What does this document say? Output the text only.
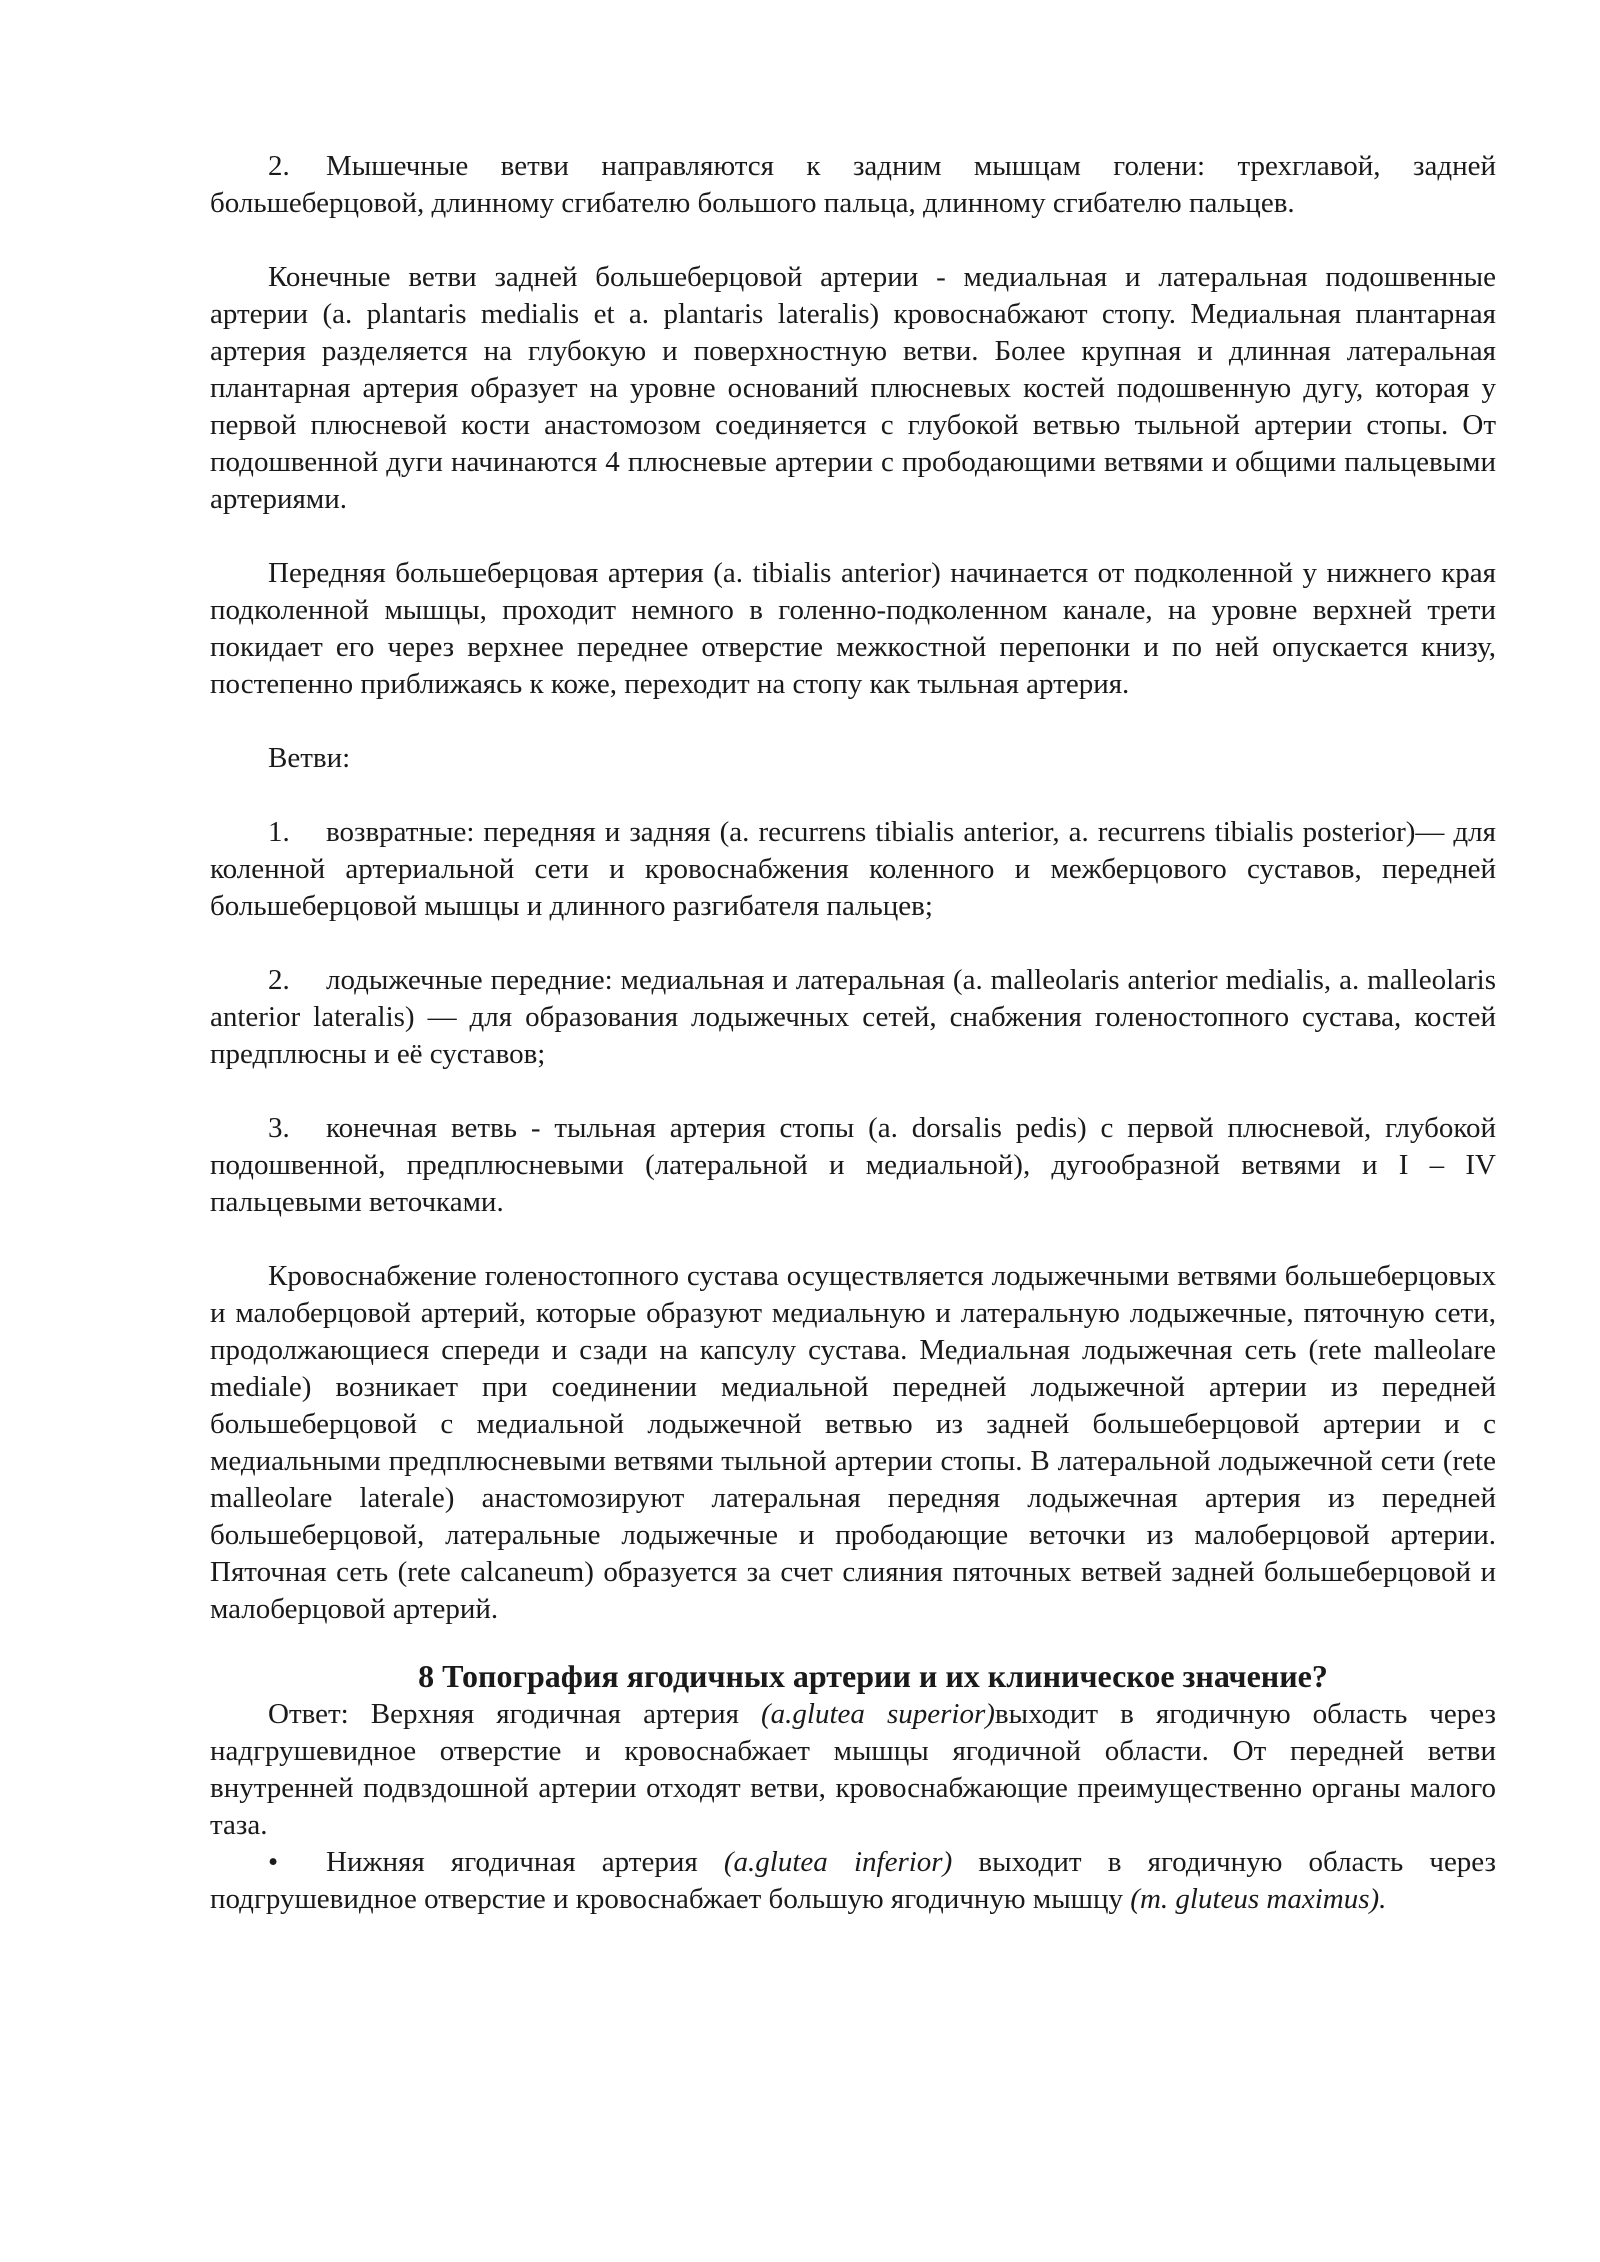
2. Мышечные ветви направляются к задним мышцам голени: трехглавой, задней большеберцовой, длинному сгибателю большого пальца, длинному сгибателю пальцев.

Конечные ветви задней большеберцовой артерии - медиальная и латеральная подошвенные артерии (a. plantaris medialis et a. plantaris lateralis) кровоснабжают стопу. Медиальная плантарная артерия разделяется на глубокую и поверхностную ветви. Более крупная и длинная латеральная плантарная артерия образует на уровне оснований плюсневых костей подошвенную дугу, которая у первой плюсневой кости анастомозом соединяется с глубокой ветвью тыльной артерии стопы. От подошвенной дуги начинаются 4 плюсневые артерии с прободающими ветвями и общими пальцевыми артериями.

Передняя большеберцовая артерия (a. tibialis anterior) начинается от подколенной у нижнего края подколенной мышцы, проходит немного в голенно-подколенном канале, на уровне верхней трети покидает его через верхнее переднее отверстие межкостной перепонки и по ней опускается книзу, постепенно приближаясь к коже, переходит на стопу как тыльная артерия.

Ветви:

1. возвратные: передняя и задняя (a. recurrens tibialis anterior, a. recurrens tibialis posterior)— для коленной артериальной сети и кровоснабжения коленного и межберцового суставов, передней большеберцовой мышцы и длинного разгибателя пальцев;

2. лодыжечные передние: медиальная и латеральная (a. malleolaris anterior medialis, a. malleolaris anterior lateralis) — для образования лодыжечных сетей, снабжения голеностопного сустава, костей предплюсны и её суставов;

3. конечная ветвь - тыльная артерия стопы (a. dorsalis pedis) с первой плюсневой, глубокой подошвенной, предплюсневыми (латеральной и медиальной), дугообразной ветвями и I – IV пальцевыми веточками.

Кровоснабжение голеностопного сустава осуществляется лодыжечными ветвями большеберцовых и малоберцовой артерий, которые образуют медиальную и латеральную лодыжечные, пяточную сети, продолжающиеся спереди и сзади на капсулу сустава. Медиальная лодыжечная сеть (rete malleolare mediale) возникает при соединении медиальной передней лодыжечной артерии из передней большеберцовой с медиальной лодыжечной ветвью из задней большеберцовой артерии и с медиальными предплюсневыми ветвями тыльной артерии стопы. В латеральной лодыжечной сети (rete malleolare laterale) анастомозируют латеральная передняя лодыжечная артерия из передней большеберцовой, латеральные лодыжечные и прободающие веточки из малоберцовой артерии. Пяточная сеть (rete calcaneum) образуется за счет слияния пяточных ветвей задней большеберцовой и малоберцовой артерий.

8 Топография ягодичных артерии и их клиническое значение?

Ответ: Верхняя ягодичная артерия (a.glutea superior)выходит в ягодичную область через надгрушевидное отверстие и кровоснабжает мышцы ягодичной области. От передней ветви внутренней подвздошной артерии отходят ветви, кровоснабжающие преимущественно органы малого таза.

• Нижняя ягодичная артерия (a.glutea inferior) выходит в ягодичную область через подгрушевидное отверстие и кровоснабжает большую ягодичную мышцу (m. gluteus maximus).
